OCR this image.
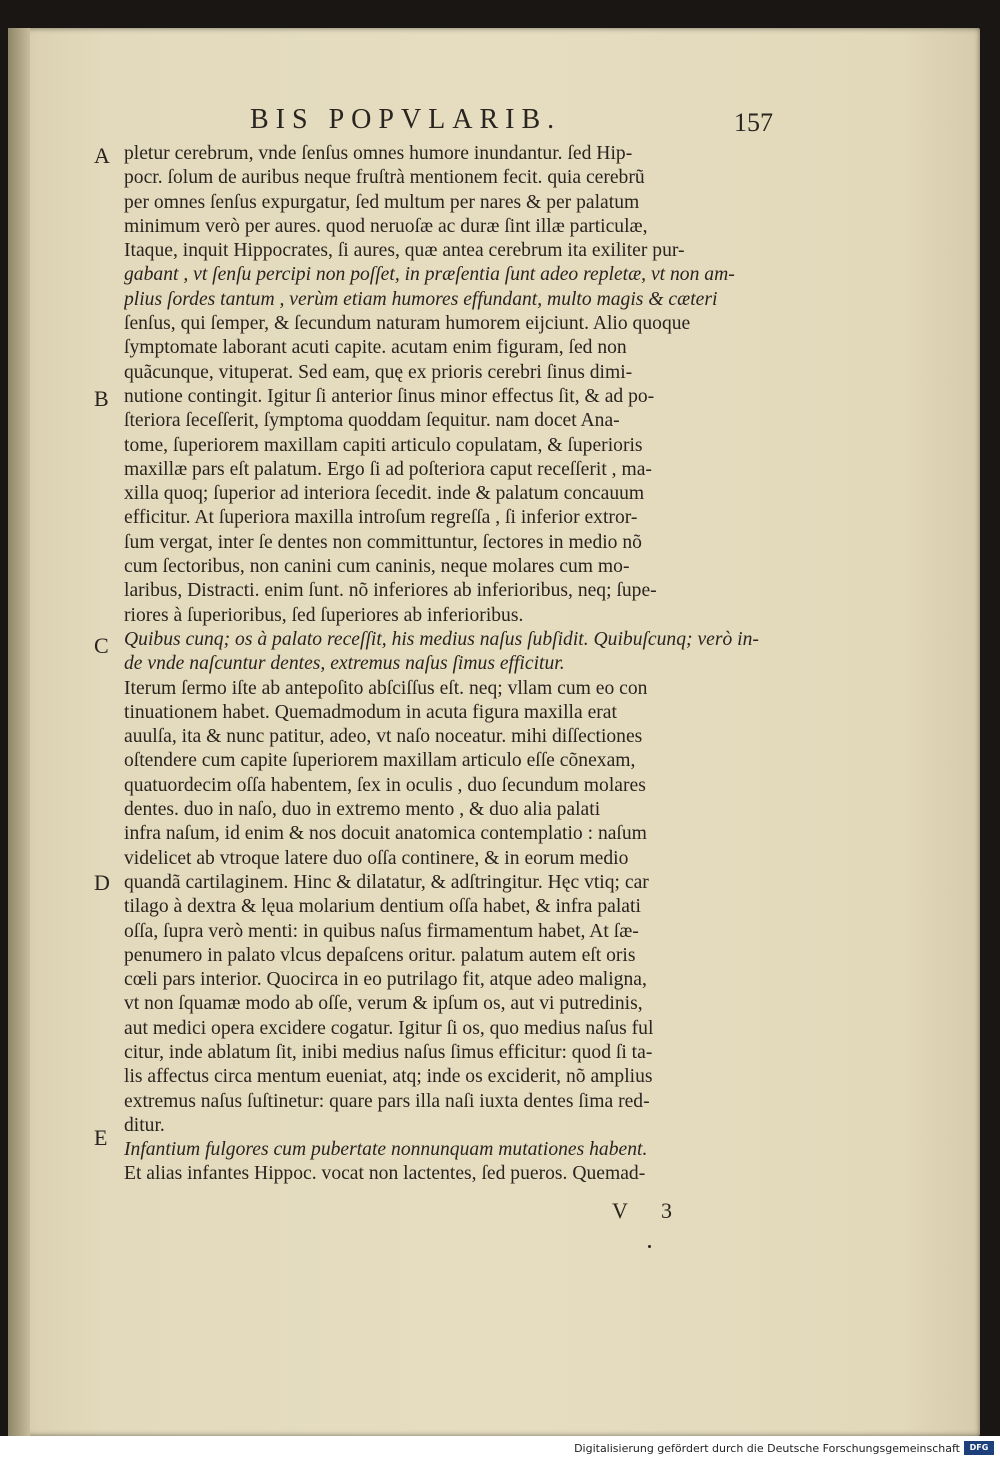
BIS POPVLARIB.	157
A
B
C
D
E
pletur cerebrum, vnde ſenſus omnes humore inundantur. ſed Hip-
pocr. ſolum de auribus neque fruſtrà mentionem fecit. quia cerebrũ
per omnes ſenſus expurgatur, ſed multum per nares & per palatum
minimum verò per aures. quod neruoſæ ac duræ ſint illæ particulæ,
Itaque, inquit Hippocrates, ſi aures, quæ antea cerebrum ita exiliter pur-
gabant , vt ſenſu percipi non poſſet, in præſentia ſunt adeo repletæ, vt non am-
plius ſordes tantum , verùm etiam humores effundant, multo magis & cæteri
ſenſus, qui ſemper, & ſecundum naturam humorem eijciunt. Alio quoque
ſymptomate laborant acuti capite. acutam enim figuram, ſed non
quãcunque, vituperat. Sed eam, quę ex prioris cerebri ſinus dimi-
nutione contingit. Igitur ſi anterior ſinus minor effectus ſit, & ad po-
ſteriora ſeceſſerit, ſymptoma quoddam ſequitur. nam docet Ana-
tome, ſuperiorem maxillam capiti articulo copulatam, & ſuperioris
maxillæ pars eſt palatum. Ergo ſi ad poſteriora caput receſſerit , ma-
xilla quoq; ſuperior ad interiora ſecedit. inde & palatum concauum
efficitur. At ſuperiora maxilla introſum regreſſa , ſi inferior extror-
ſum vergat, inter ſe dentes non committuntur, ſectores in medio nõ
cum ſectoribus, non canini cum caninis, neque molares cum mo-
laribus, Distracti. enim ſunt. nõ inferiores ab inferioribus, neq; ſupe-
riores à ſuperioribus, ſed ſuperiores ab inferioribus.
Quibus cunq; os à palato receſſit, his medius naſus ſubſidit. Quibuſcunq; verò in-
de vnde naſcuntur dentes, extremus naſus ſimus efficitur.
Iterum ſermo iſte ab antepoſito abſciſſus eſt. neq; vllam cum eo con
tinuationem habet. Quemadmodum in acuta figura maxilla erat
auulſa, ita & nunc patitur, adeo, vt naſo noceatur. mihi diſſectiones
oſtendere cum capite ſuperiorem maxillam articulo eſſe cõnexam,
quatuordecim oſſa habentem, ſex in oculis , duo ſecundum molares
dentes. duo in naſo, duo in extremo mento , & duo alia palati
infra naſum, id enim & nos docuit anatomica contemplatio : naſum
videlicet ab vtroque latere duo oſſa continere, & in eorum medio
quandã cartilaginem. Hinc & dilatatur, & adſtringitur. Hęc vtiq; car
tilago à dextra & lęua molarium dentium oſſa habet, & infra palati
oſſa, ſupra verò menti: in quibus naſus firmamentum habet, At ſæ-
penumero in palato vlcus depaſcens oritur. palatum autem eſt oris
cœli pars interior. Quocirca in eo putrilago fit, atque adeo maligna,
vt non ſquamæ modo ab oſſe, verum & ipſum os, aut vi putredinis,
aut medici opera excidere cogatur. Igitur ſi os, quo medius naſus ful
citur, inde ablatum ſit, inibi medius naſus ſimus efficitur: quod ſi ta-
lis affectus circa mentum eueniat, atq; inde os exciderit, nõ amplius
extremus naſus ſuſtinetur: quare pars illa naſi iuxta dentes ſima red-
ditur.
Infantium fulgores cum pubertate nonnunquam mutationes habent.
Et alias infantes Hippoc. vocat non lactentes, ſed pueros. Quemad-
V 3
Digitalisierung gefördert durch die Deutsche Forschungsgemeinschaft	DFG
